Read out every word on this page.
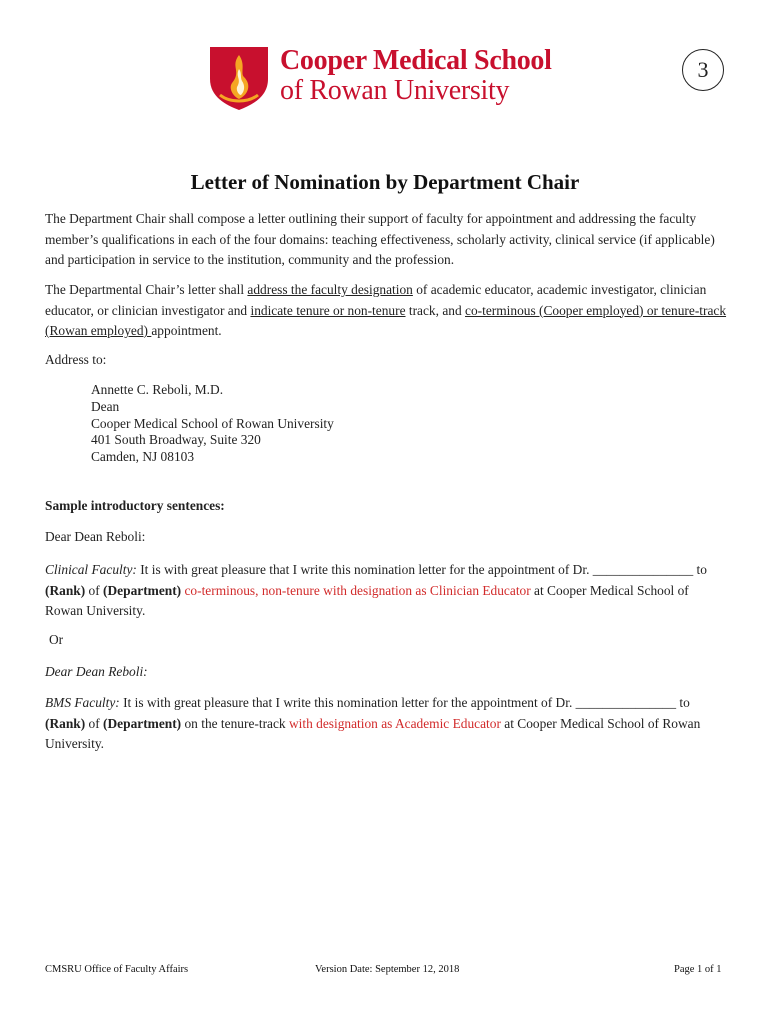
Cooper Medical School
of Rowan University
3
Letter of Nomination by Department Chair
The Department Chair shall compose a letter outlining their support of faculty for appointment and addressing the faculty member’s qualifications in each of the four domains: teaching effectiveness, scholarly activity, clinical service (if applicable) and participation in service to the institution, community and the profession.
The Departmental Chair’s letter shall address the faculty designation of academic educator, academic investigator, clinician educator, or clinician investigator and indicate tenure or non-tenure track, and co-terminous (Cooper employed) or tenure-track (Rowan employed) appointment.
Address to:
Annette C. Reboli, M.D.
Dean
Cooper Medical School of Rowan University
401 South Broadway, Suite 320
Camden, NJ 08103
Sample introductory sentences:
Dear Dean Reboli:
Clinical Faculty: It is with great pleasure that I write this nomination letter for the appointment of Dr. _______________ to (Rank) of (Department) co-terminous, non-tenure with designation as Clinician Educator at Cooper Medical School of Rowan University.
Or
Dear Dean Reboli:
BMS Faculty: It is with great pleasure that I write this nomination letter for the appointment of Dr. _______________ to (Rank) of (Department) on the tenure-track with designation as Academic Educator at Cooper Medical School of Rowan University.
CMSRU Office of Faculty Affairs	Version Date: September 12, 2018	Page 1 of 1
